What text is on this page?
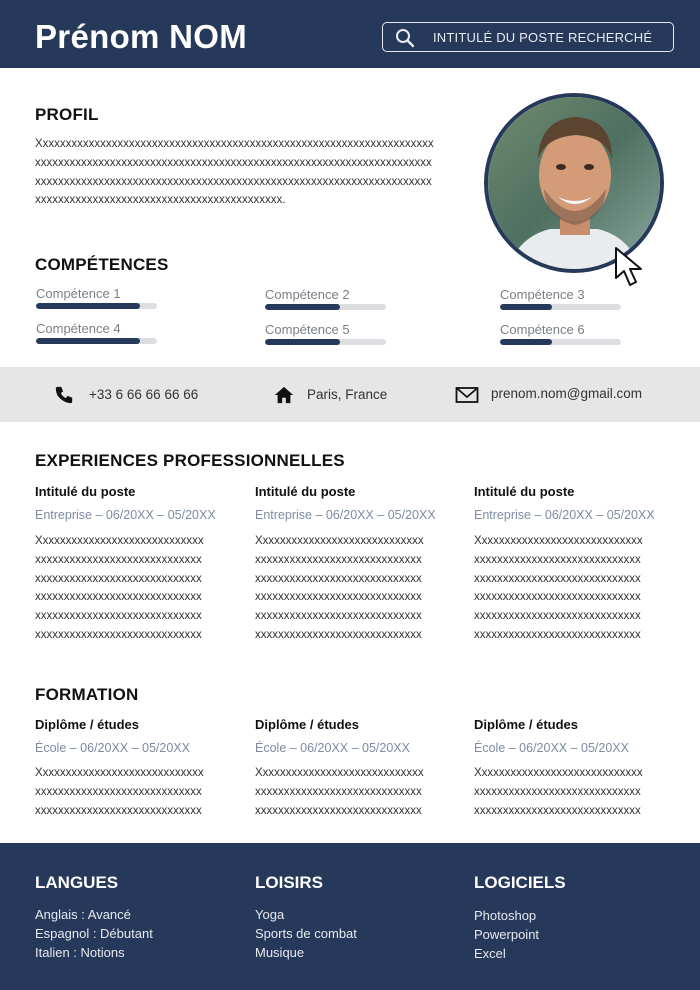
Prénom NOM	INTITULÉ DU POSTE RECHERCHÉ
PROFIL
Xxxxxxxxxxxxxxxxxxxxxxxxxxxxxxxxxxxxxxxxxxxxxxxxxxxxxxxxxxxxxxxxxxxxxxxxxxxxxxxxxxxxxxxxxxxxxxxxxxxxxxxxxxxxxxxxxxxxxxxxxxxxxxxxxxxxxxxxxxxxxxxxxxxxxxxxxxxxxxxxxxxxxxxxxxxxxxxxxxxxxxxxxxxxxxxxxxxxxxxxxxxxxxxxxxxxxxxxxxxxxxxxxxxxxxxxxxxxxxxxxxxxxxxxxx.
COMPÉTENCES
Compétence 1	Compétence 2	Compétence 3
Compétence 4	Compétence 5	Compétence 6
+33 6 66 66 66 66	Paris, France	prenom.nom@gmail.com
EXPERIENCES PROFESSIONNELLES
Intitulé du poste
Entreprise – 06/20XX – 05/20XX
Xxxxxxxxxxxxxxxxxxxxxxxxxxxxx
xxxxxxxxxxxxxxxxxxxxxxxxxxxxx
xxxxxxxxxxxxxxxxxxxxxxxxxxxxx
xxxxxxxxxxxxxxxxxxxxxxxxxxxxx
xxxxxxxxxxxxxxxxxxxxxxxxxxxxx
xxxxxxxxxxxxxxxxxxxxxxxxxxxxx
Intitulé du poste
Entreprise – 06/20XX – 05/20XX
Xxxxxxxxxxxxxxxxxxxxxxxxxxxxx
xxxxxxxxxxxxxxxxxxxxxxxxxxxxx
xxxxxxxxxxxxxxxxxxxxxxxxxxxxx
xxxxxxxxxxxxxxxxxxxxxxxxxxxxx
xxxxxxxxxxxxxxxxxxxxxxxxxxxxx
xxxxxxxxxxxxxxxxxxxxxxxxxxxxx
Intitulé du poste
Entreprise – 06/20XX – 05/20XX
Xxxxxxxxxxxxxxxxxxxxxxxxxxxxx
xxxxxxxxxxxxxxxxxxxxxxxxxxxxx
xxxxxxxxxxxxxxxxxxxxxxxxxxxxx
xxxxxxxxxxxxxxxxxxxxxxxxxxxxx
xxxxxxxxxxxxxxxxxxxxxxxxxxxxx
xxxxxxxxxxxxxxxxxxxxxxxxxxxxx
FORMATION
Diplôme / études
École – 06/20XX – 05/20XX
Xxxxxxxxxxxxxxxxxxxxxxxxxxxxx
xxxxxxxxxxxxxxxxxxxxxxxxxxxxx
xxxxxxxxxxxxxxxxxxxxxxxxxxxxx
Diplôme / études
École – 06/20XX – 05/20XX
Xxxxxxxxxxxxxxxxxxxxxxxxxxxxx
xxxxxxxxxxxxxxxxxxxxxxxxxxxxx
xxxxxxxxxxxxxxxxxxxxxxxxxxxxx
Diplôme / études
École – 06/20XX – 05/20XX
Xxxxxxxxxxxxxxxxxxxxxxxxxxxxx
xxxxxxxxxxxxxxxxxxxxxxxxxxxxx
xxxxxxxxxxxxxxxxxxxxxxxxxxxxx
LANGUES
Anglais : Avancé
Espagnol : Débutant
Italien : Notions
LOISIRS
Yoga
Sports de combat
Musique
LOGICIELS
Photoshop
Powerpoint
Excel
